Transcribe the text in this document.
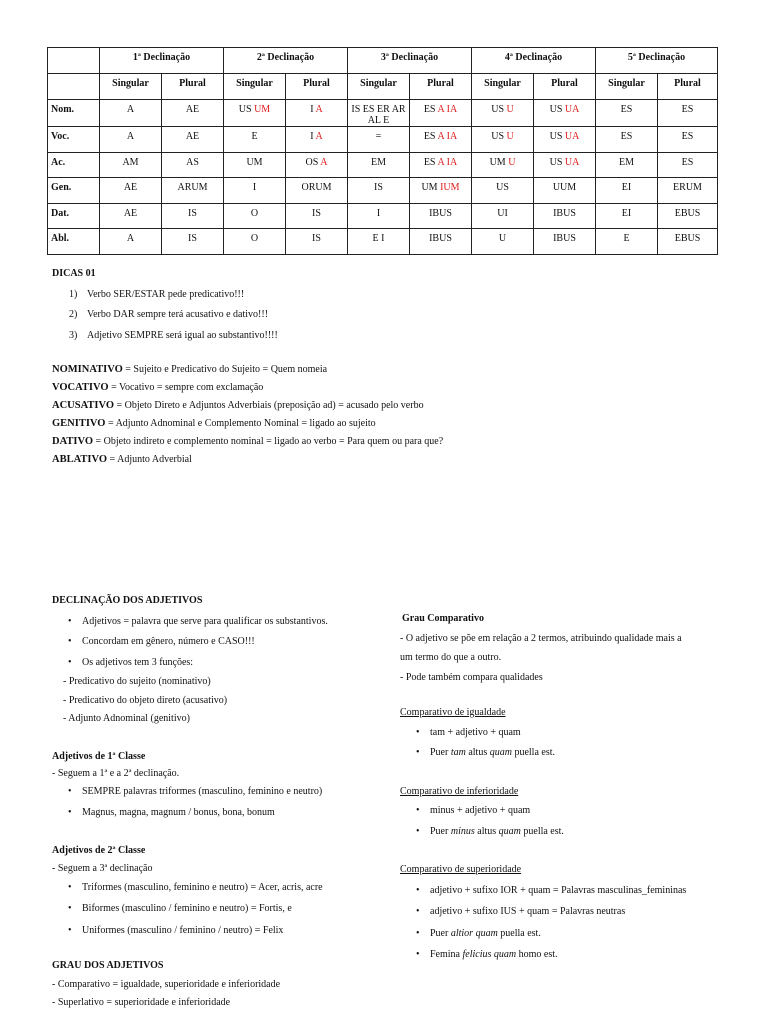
	1ª Declinação		2ª Declinação		3ª Declinação		4ª Declinação		5ª Declinação	
	Singular	Plural	Singular	Plural	Singular	Plural	Singular	Plural	Singular	Plural
Nom.	A	AE	US UM	I A	IS ES ER AR AL E	ES A IA	US U	US UA	ES	ES
Voc.	A	AE	E	I A	=	ES A IA	US U	US UA	ES	ES
Ac.	AM	AS	UM	OS A	EM	ES A IA	UM U	US UA	EM	ES
Gen.	AE	ARUM	I	ORUM	IS	UM IUM	US	UUM	EI	ERUM
Dat.	AE	IS	O	IS	I	IBUS	UI	IBUS	EI	EBUS
Abl.	A	IS	O	IS	E I	IBUS	U	IBUS	E	EBUS

DICAS 01

1) Verbo SER/ESTAR pede predicativo!!!
2) Verbo DAR sempre terá acusativo e dativo!!!
3) Adjetivo SEMPRE será igual ao substantivo!!!!

NOMINATIVO = Sujeito e Predicativo do Sujeito = Quem nomeia

VOCATIVO = Vocativo = sempre com exclamação

ACUSATIVO = Objeto Direto e Adjuntos Adverbiais (preposição ad) = acusado pelo verbo

GENITIVO = Adjunto Adnominal e Complemento Nominal = ligado ao sujeito

DATIVO = Objeto indireto e complemento nominal = ligado ao verbo = Para quem ou para que?

ABLATIVO = Adjunto Adverbial

DECLINAÇÃO DOS ADJETIVOS

• Adjetivos = palavra que serve para qualificar os substantivos.
• Concordam em gênero, número e CASO!!!
• Os adjetivos tem 3 funções:

- Predicativo do sujeito (nominativo)

- Predicativo do objeto direto (acusativo)

- Adjunto Adnominal (genitivo)

Adjetivos de 1ª Classe

- Seguem a 1ª e a 2ª declinação.

• SEMPRE palavras triformes (masculino, feminino e neutro)
• Magnus, magna, magnum / bonus, bona, bonum

Adjetivos de 2ª Classe

- Seguem a 3ª declinação

• Triformes (masculino, feminino e neutro) = Acer, acris, acre
• Biformes (masculino / feminino e neutro) = Fortis, e
• Uniformes (masculino / feminino / neutro) = Felix

GRAU DOS ADJETIVOS

- Comparativo = igualdade, superioridade e inferioridade

- Superlativo = superioridade e inferioridade

Grau Comparativo

- O adjetivo se põe em relação a 2 termos, atribuindo qualidade mais a

um termo do que a outro.

- Pode também compara qualidades

Comparativo de igualdade

• tam + adjetivo + quam
• Puer tam altus quam puella est.

Comparativo de inferioridade

• minus + adjetivo + quam
• Puer minus altus quam puella est.

Comparativo de superioridade

• adjetivo + sufixo IOR + quam = Palavras masculinas_femininas
• adjetivo + sufixo IUS + quam = Palavras neutras
• Puer altior quam puella est.
• Femina felicius quam homo est.
